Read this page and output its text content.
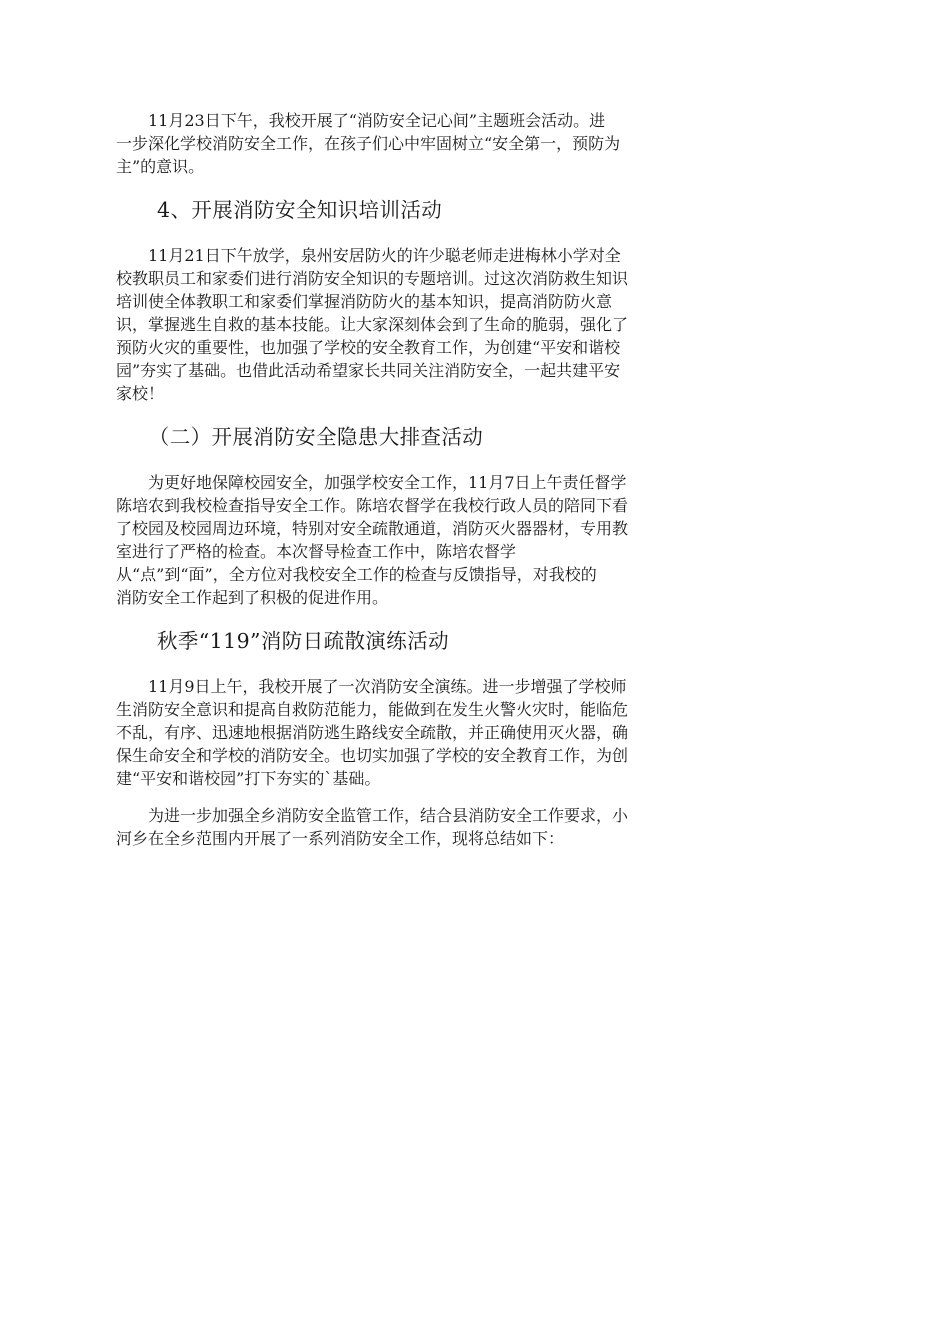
11月23日下午，我校开展了“消防安全记心间”主题班会活动。进
一步深化学校消防安全工作，在孩子们心中牢固树立“安全第一，预防为
主”的意识。

4、开展消防安全知识培训活动

11月21日下午放学，泉州安居防火的许少聪老师走进梅林小学对全
校教职员工和家委们进行消防安全知识的专题培训。过这次消防救生知识
培训使全体教职工和家委们掌握消防防火的基本知识，提高消防防火意
识，掌握逃生自救的基本技能。让大家深刻体会到了生命的脆弱，强化了
预防火灾的重要性，也加强了学校的安全教育工作，为创建“平安和谐校
园”夯实了基础。也借此活动希望家长共同关注消防安全，一起共建平安
家校！

（二）开展消防安全隐患大排查活动

为更好地保障校园安全，加强学校安全工作，11月7日上午责任督学
陈培农到我校检查指导安全工作。陈培农督学在我校行政人员的陪同下看
了校园及校园周边环境，特别对安全疏散通道，消防灭火器器材，专用教
室进行了严格的检查。本次督导检查工作中，陈培农督学
从“点”到“面”，全方位对我校安全工作的检查与反馈指导，对我校的
消防安全工作起到了积极的促进作用。

秋季“119”消防日疏散演练活动

11月9日上午，我校开展了一次消防安全演练。进一步增强了学校师
生消防安全意识和提高自救防范能力，能做到在发生火警火灾时，能临危
不乱，有序、迅速地根据消防逃生路线安全疏散，并正确使用灭火器，确
保生命安全和学校的消防安全。也切实加强了学校的安全教育工作，为创
建“平安和谐校园”打下夯实的`基础。
为进一步加强全乡消防安全监管工作，结合县消防安全工作要求，小
河乡在全乡范围内开展了一系列消防安全工作，现将总结如下：
